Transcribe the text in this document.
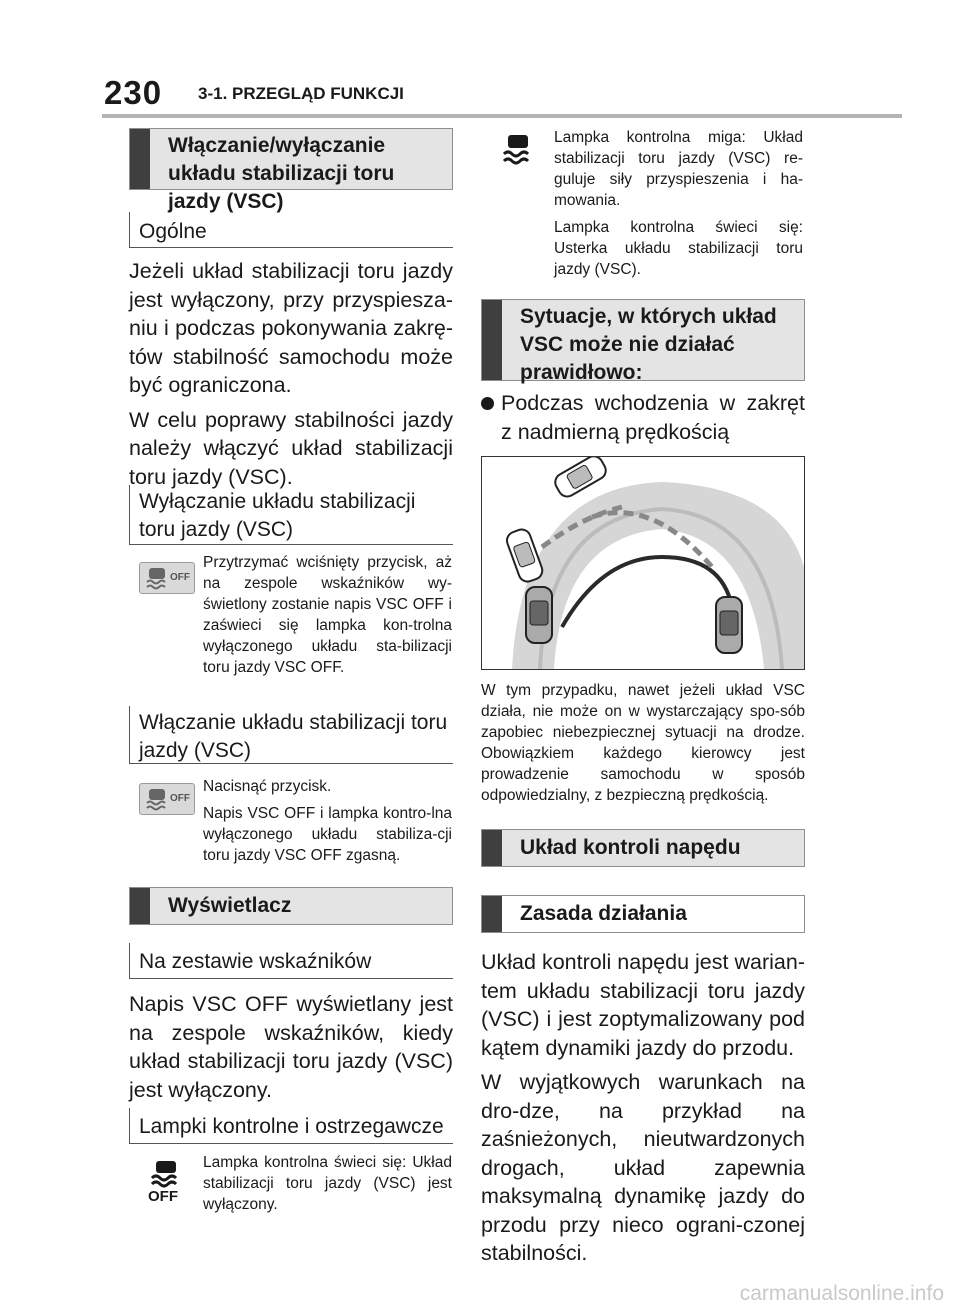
230 3-1. PRZEGLĄD FUNKCJI
Włączanie/wyłączanie układu stabilizacji toru jazdy (VSC)
Ogólne

Jeżeli układ stabilizacji toru jazdy jest wyłączony, przy przyspiesza-niu i podczas pokonywania zakrę-tów stabilność samochodu może być ograniczona.

W celu poprawy stabilności jazdy należy włączyć układ stabilizacji toru jazdy (VSC).

Wyłączanie układu stabilizacji toru jazdy (VSC)
OFF
Przytrzymać wciśnięty przycisk, aż na zespole wskaźników wy-świetlony zostanie napis VSC OFF i zaświeci się lampka kon-trolna wyłączonego układu sta-bilizacji toru jazdy VSC OFF.
Włączanie układu stabilizacji toru jazdy (VSC)
OFF

Nacisnąć przycisk.

Napis VSC OFF i lampka kontro-lna wyłączonego układu stabiliza-cji toru jazdy VSC OFF zgasną.

Wyświetlacz
Na zestawie wskaźników
Napis VSC OFF wyświetlany jest na zespole wskaźników, kiedy układ stabilizacji toru jazdy (VSC) jest wyłączony.
Lampki kontrolne i ostrzegawcze
OFF
Lampka kontrolna świeci się: Układ stabilizacji toru jazdy (VSC) jest wyłączony.

Lampka kontrolna miga: Układ stabilizacji toru jazdy (VSC) re-guluje siły przyspieszenia i ha-mowania.

Lampka kontrolna świeci się: Usterka układu stabilizacji toru jazdy (VSC).

Sytuacje, w których układ VSC może nie działać prawidłowo:
Podczas wchodzenia w zakręt z nadmierną prędkością
W tym przypadku, nawet jeżeli układ VSC działa, nie może on w wystarczający spo-sób zapobiec niebezpiecznej sytuacji na drodze. Obowiązkiem każdego kierowcy jest prowadzenie samochodu w sposób odpowiedzialny, z bezpieczną prędkością.
Układ kontroli napędu
Zasada działania

Układ kontroli napędu jest warian-tem układu stabilizacji toru jazdy (VSC) i jest zoptymalizowany pod kątem dynamiki jazdy do przodu.

W wyjątkowych warunkach na dro-dze, na przykład na zaśnieżonych, nieutwardzonych drogach, układ zapewnia maksymalną dynamikę jazdy do przodu przy nieco ograni-czonej stabilności.

carmanualsonline.info
